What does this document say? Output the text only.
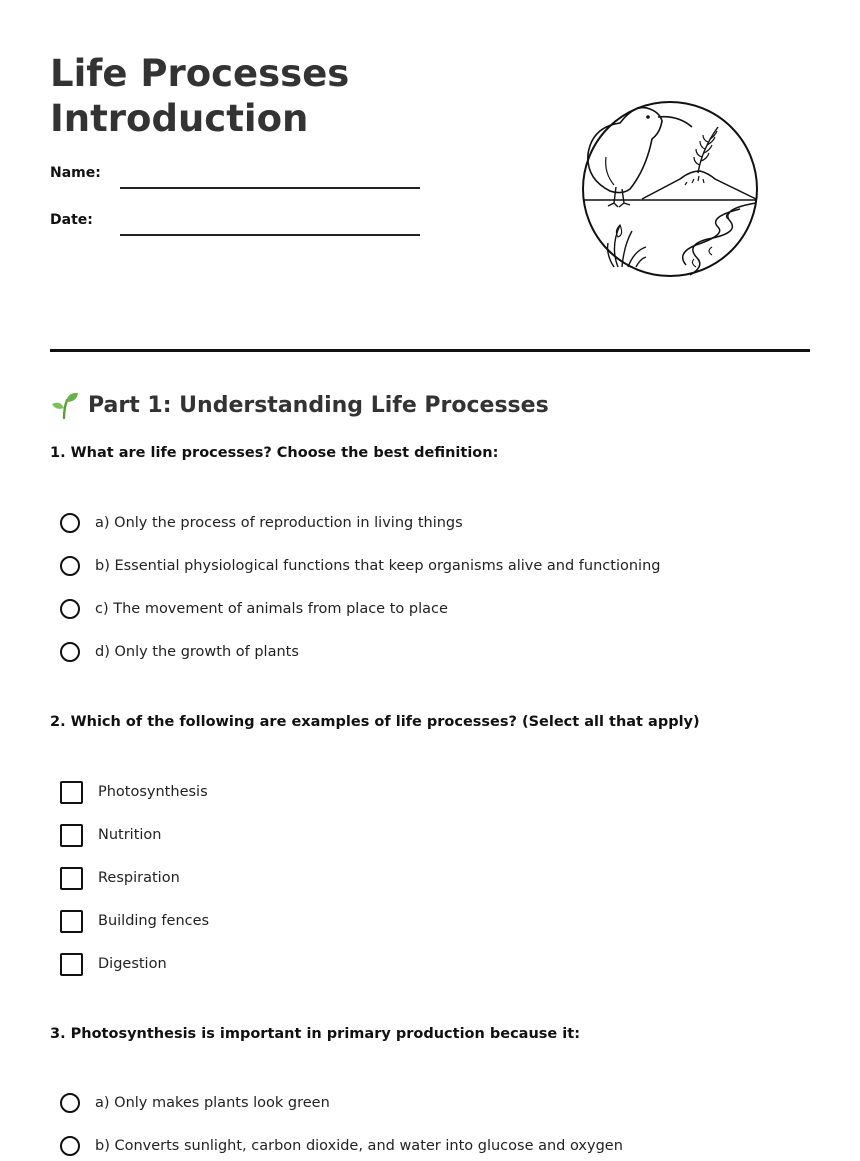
Life Processes
Introduction
Name:
Date:
Part 1: Understanding Life Processes
1. What are life processes? Choose the best definition:
a) Only the process of reproduction in living things
b) Essential physiological functions that keep organisms alive and functioning
c) The movement of animals from place to place
d) Only the growth of plants
2. Which of the following are examples of life processes? (Select all that apply)
Photosynthesis
Nutrition
Respiration
Building fences
Digestion
3. Photosynthesis is important in primary production because it:
a) Only makes plants look green
b) Converts sunlight, carbon dioxide, and water into glucose and oxygen
